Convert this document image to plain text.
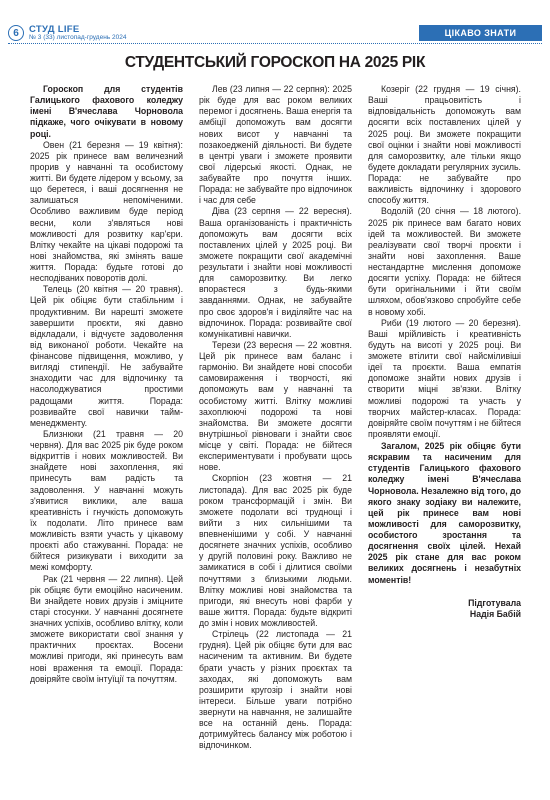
6	СТУД LIFE
№ 3 (33) листопад-грудень 2024	ЦІКАВО ЗНАТИ
СТУДЕНТСЬКИЙ ГОРОСКОП НА 2025 РІК

Гороскоп для студентів Галицького фахового коледжу імені В'ячеслава Чорновола підкаже, чого очікувати в новому році.

Овен (21 березня — 19 квітня): 2025 рік принесе вам величезний прорив у навчанні та особистому житті. Ви будете лідером у всьому, за що беретеся, і ваші досягнення не залишаться непоміченими. Особливо важливим буде період весни, коли з'являться нові можливості для розвитку кар'єри. Влітку чекайте на цікаві подорожі та нові знайомства, які змінять ваше життя. Порада: будьте готові до несподіваних поворотів долі.

Телець (20 квітня — 20 травня). Цей рік обіцяє бути стабільним і продуктивним. Ви нарешті зможете завершити проєкти, які давно відкладали, і відчуєте задоволення від виконаної роботи. Чекайте на фінансове підвищення, можливо, у вигляді стипендії. Не забувайте знаходити час для відпочинку та насолоджуватися простими радощами життя. Порада: розвивайте свої навички тайм-менеджменту.

Близнюки (21 травня — 20 червня). Для вас 2025 рік буде роком відкриттів і нових можливостей. Ви знайдете нові захоплення, які принесуть вам радість та задоволення. У навчанні можуть з'явитися виклики, але ваша креативність і гнучкість допоможуть їх подолати. Літо принесе вам можливість взяти участь у цікавому проєкті або стажуванні. Порада: не бійтеся ризикувати і виходити за межі комфорту.

Рак (21 червня — 22 липня). Цей рік обіцяє бути емоційно насиченим. Ви знайдете нових друзів і зміцните старі стосунки. У навчанні досягнете значних успіхів, особливо влітку, коли зможете використати свої знання у практичних проєктах. Восени можливі пригоди, які принесуть вам нові враження та емоції. Порада: довіряйте своїм інтуїції та почуттям.

Лев (23 липня — 22 серпня): 2025 рік буде для вас роком великих перемог і досягнень. Ваша енергія та амбіції допоможуть вам досягти нових висот у навчанні та позакоедженій діяльності. Ви будете в центрі уваги і зможете проявити свої лідерські якості. Однак, не забувайте про почуття інших. Порада: не забувайте про відпочинок і час для себе

Діва (23 серпня — 22 вересня). Ваша організованість і практичність допоможуть вам досягти всіх поставлених цілей у 2025 році. Ви зможете покращити свої академічні результати і знайти нові можливості для саморозвитку. Ви легко впораєтеся з будь-якими завданнями. Однак, не забувайте про своє здоров'я і виділяйте час на відпочинок. Порада: розвивайте свої комунікативні навички.

Терези (23 вересня — 22 жовтня. Цей рік принесе вам баланс і гармонію. Ви знайдете нові способи самовираження і творчості, які допоможуть вам у навчанні та особистому житті. Влітку можливі захоплюючі подорожі та нові знайомства. Ви зможете досягти внутрішньої рівноваги і знайти своє місце у світі. Порада: не бійтеся експериментувати і пробувати щось нове.

Скорпіон (23 жовтня — 21 листопада). Для вас 2025 рік буде роком трансформацій і змін. Ви зможете подолати всі труднощі і вийти з них сильнішими та впевненішими у собі. У навчанні досягнете значних успіхів, особливо у другій половині року. Важливо не замикатися в собі і ділитися своїми почуттями з близькими людьми. Влітку можливі нові знайомства та пригоди, які внесуть нові фарби у ваше життя. Порада: будьте відкриті до змін і нових можливостей.

Стрілець (22 листопада — 21 грудня). Цей рік обіцяє бути для вас насиченим та активним. Ви будете брати участь у різних проєктах та заходах, які допоможуть вам розширити кругозір і знайти нові інтереси. Більше уваги потрібно звернути на навчання, не залишайте все на останній день. Порада: дотримуйтесь балансу між роботою і відпочинком.

Козеріг (22 грудня — 19 січня). Ваші працьовитість і відповідальність допоможуть вам досягти всіх поставлених цілей у 2025 році. Ви зможете покращити свої оцінки і знайти нові можливості для саморозвитку, але тільки якщо будете докладати регулярних зусиль. Порада: не забувайте про важливість відпочинку і здорового способу життя.

Водолій (20 січня — 18 лютого). 2025 рік принесе вам багато нових ідей та можливостей. Ви зможете реалізувати свої творчі проєкти і знайти нові захоплення. Ваше нестандартне мислення допоможе досягти успіху. Порада: не бійтеся бути оригінальними і йти своїм шляхом, обов'язково спробуйте себе в новому хобі.

Риби (19 лютого — 20 березня). Ваші мрійливість і креативність будуть на висоті у 2025 році. Ви зможете втілити свої найсміливіші ідеї та проєкти. Ваша емпатія допоможе знайти нових друзів і створити міцні зв'язки. Влітку можливі подорожі та участь у творчих майстер-класах. Порада: довіряйте своїм почуттям і не бійтеся проявляти емоції.

Загалом, 2025 рік обіцяє бути яскравим та насиченим для студентів Галицького фахового коледжу імені В'ячеслава Чорновола. Незалежно від того, до якого знаку зодіаку ви належите, цей рік принесе вам нові можливості для саморозвитку, особистого зростання та досягнення своїх цілей. Нехай 2025 рік стане для вас роком великих досягнень і незабутніх моментів!

Підготувала
Надія Бабій
